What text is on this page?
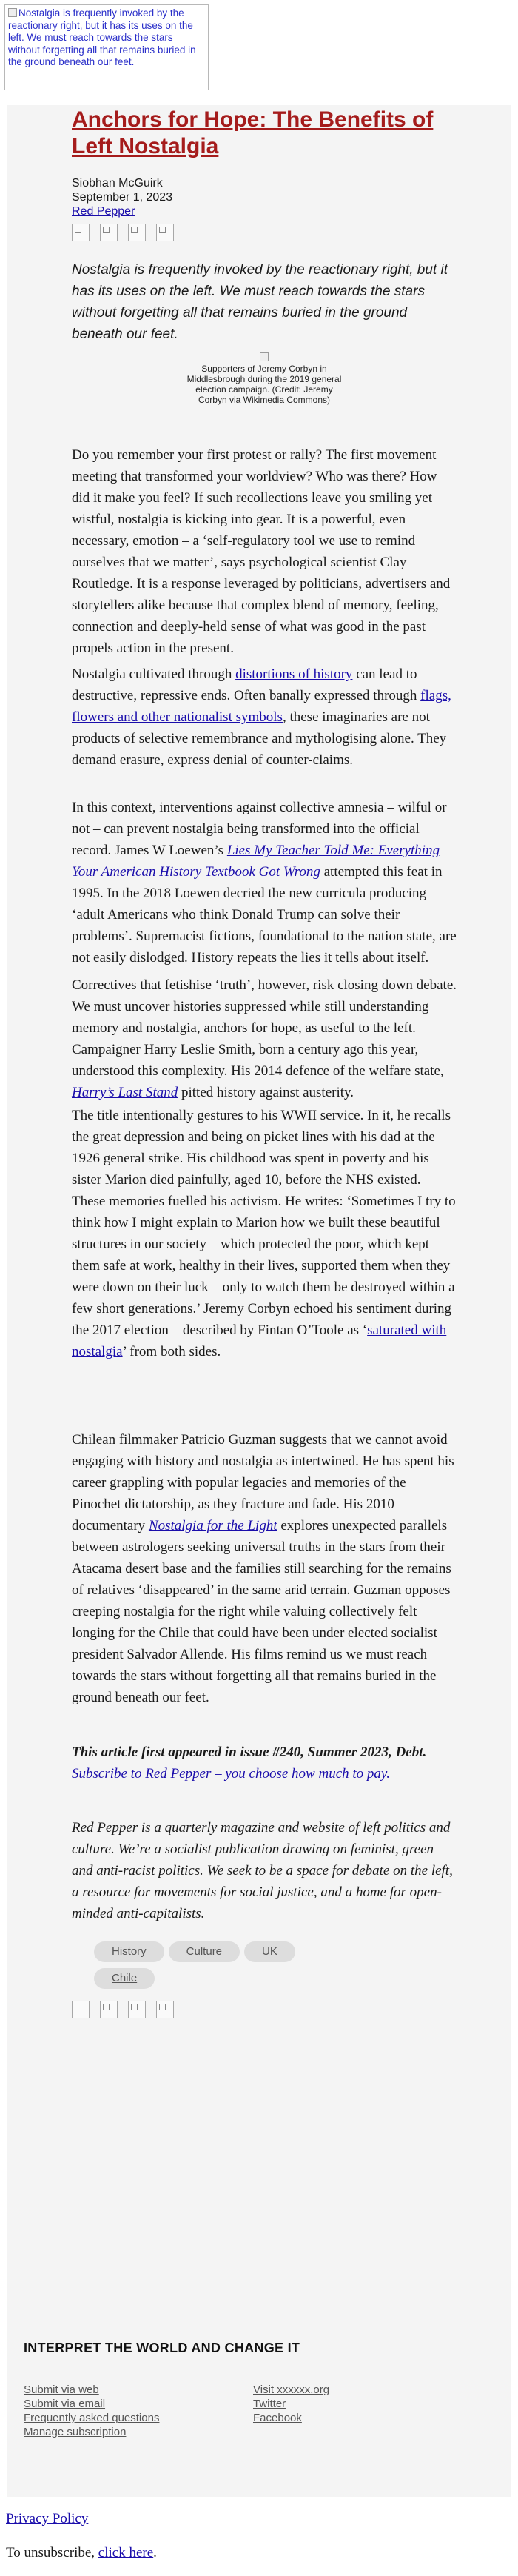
Nostalgia is frequently invoked by the reactionary right, but it has its uses on the left. We must reach towards the stars without forgetting all that remains buried in the ground beneath our feet.
Anchors for Hope: The Benefits of Left Nostalgia
Siobhan McGuirk
September 1, 2023
Red Pepper

Nostalgia is frequently invoked by the reactionary right, but it has its uses on the left. We must reach towards the stars without forgetting all that remains buried in the ground beneath our feet.

Supporters of Jeremy Corbyn in Middlesbrough during the 2019 general election campaign. (Credit: Jeremy Corbyn via Wikimedia Commons)

Do you remember your first protest or rally? The first movement meeting that transformed your worldview? Who was there? How did it make you feel? If such recollections leave you smiling yet wistful, nostalgia is kicking into gear. It is a powerful, even necessary, emotion – a ‘self-regulatory tool we use to remind ourselves that we matter’, says psychological scientist Clay Routledge. It is a response leveraged by politicians, advertisers and storytellers alike because that complex blend of memory, feeling, connection and deeply-held sense of what was good in the past propels action in the present.

Nostalgia cultivated through distortions of history can lead to destructive, repressive ends. Often banally expressed through flags, flowers and other nationalist symbols, these imaginaries are not products of selective remembrance and mythologising alone. They demand erasure, express denial of counter-claims.

In this context, interventions against collective amnesia – wilful or not – can prevent nostalgia being transformed into the official record. James W Loewen’s Lies My Teacher Told Me: Everything Your American History Textbook Got Wrong attempted this feat in 1995. In the 2018 Loewen decried the new curricula producing ‘adult Americans who think Donald Trump can solve their problems’. Supremacist fictions, foundational to the nation state, are not easily dislodged. History repeats the lies it tells about itself.

Correctives that fetishise ‘truth’, however, risk closing down debate. We must uncover histories suppressed while still understanding memory and nostalgia, anchors for hope, as useful to the left. Campaigner Harry Leslie Smith, born a century ago this year, understood this complexity. His 2014 defence of the welfare state, Harry’s Last Stand pitted history against austerity.

The title intentionally gestures to his WWII service. In it, he recalls the great depression and being on picket lines with his dad at the 1926 general strike. His childhood was spent in poverty and his sister Marion died painfully, aged 10, before the NHS existed. These memories fuelled his activism. He writes: ‘Sometimes I try to think how I might explain to Marion how we built these beautiful structures in our society – which protected the poor, which kept them safe at work, healthy in their lives, supported them when they were down on their luck – only to watch them be destroyed within a few short generations.’ Jeremy Corbyn echoed his sentiment during the 2017 election – described by Fintan O’Toole as ‘saturated with nostalgia’ from both sides.

Chilean filmmaker Patricio Guzman suggests that we cannot avoid engaging with history and nostalgia as intertwined. He has spent his career grappling with popular legacies and memories of the Pinochet dictatorship, as they fracture and fade. His 2010 documentary Nostalgia for the Light explores unexpected parallels between astrologers seeking universal truths in the stars from their Atacama desert base and the families still searching for the remains of relatives ‘disappeared’ in the same arid terrain. Guzman opposes creeping nostalgia for the right while valuing collectively felt longing for the Chile that could have been under elected socialist president Salvador Allende. His films remind us we must reach towards the stars without forgetting all that remains buried in the ground beneath our feet.

This article first appeared in issue #240, Summer 2023, Debt. Subscribe to Red Pepper – you choose how much to pay.

Red Pepper is a quarterly magazine and website of left politics and culture. We’re a socialist publication drawing on feminist, green and anti-racist politics. We seek to be a space for debate on the left, a resource for movements for social justice, and a home for open-minded anti-capitalists.

History	Culture	UK
Chile
INTERPRET THE WORLD AND CHANGE IT
Submit via web
Submit via email
Frequently asked questions
Manage subscription
Visit xxxxxx.org
Twitter
Facebook
Privacy Policy
To unsubscribe, click here.
